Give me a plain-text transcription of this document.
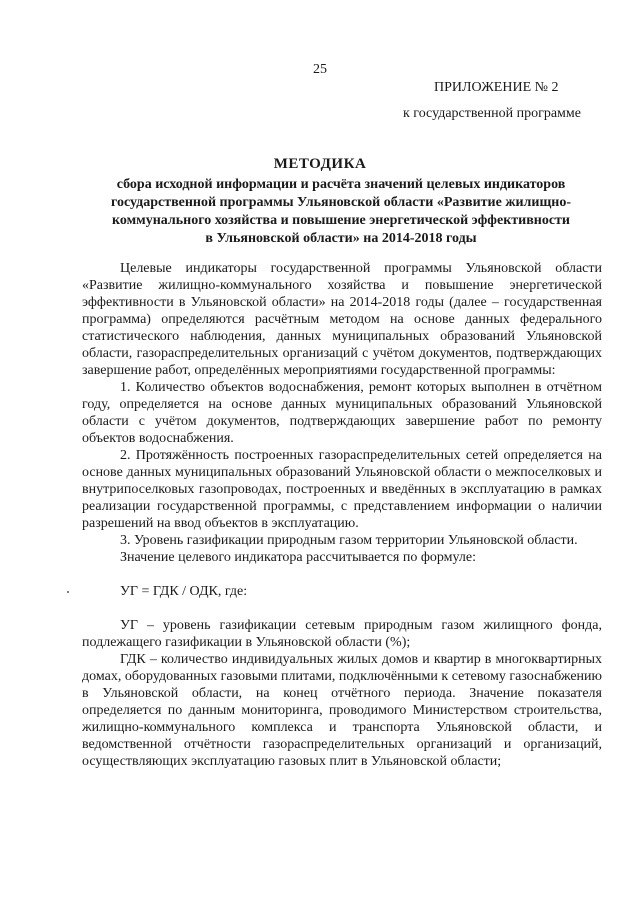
25
ПРИЛОЖЕНИЕ № 2
к государственной программе
МЕТОДИКА
сбора исходной информации и расчёта значений целевых индикаторов
государственной программы Ульяновской области «Развитие жилищно-
коммунального хозяйства и повышение энергетической эффективности
в Ульяновской области» на 2014-2018 годы

Целевые индикаторы государственной программы Ульяновской области «Развитие жилищно-коммунального хозяйства и повышение энергетической эффективности в Ульяновской области» на 2014-2018 годы (далее – государственная программа) определяются расчётным методом на основе данных федерального статистического наблюдения, данных муниципальных образований Ульяновской области, газораспределительных организаций с учётом документов, подтверждающих завершение работ, определённых мероприятиями государственной программы:

1. Количество объектов водоснабжения, ремонт которых выполнен в отчётном году, определяется на основе данных муниципальных образований Ульяновской области с учётом документов, подтверждающих завершение работ по ремонту объектов водоснабжения.

2. Протяжённость построенных газораспределительных сетей определяется на основе данных муниципальных образований Ульяновской области о межпоселковых и внутрипоселковых газопроводах, построенных и введённых в эксплуатацию в рамках реализации государственной программы, с представлением информации о наличии разрешений на ввод объектов в эксплуатацию.

3. Уровень газификации природным газом территории Ульяновской области.

Значение целевого индикатора рассчитывается по формуле:

УГ = ГДК / ОДК, где:

УГ – уровень газификации сетевым природным газом жилищного фонда, подлежащего газификации в Ульяновской области (%);

ГДК – количество индивидуальных жилых домов и квартир в многоквартирных домах, оборудованных газовыми плитами, подключёнными к сетевому газоснабжению в Ульяновской области, на конец отчётного периода. Значение показателя определяется по данным мониторинга, проводимого Министерством строительства, жилищно-коммунального комплекса и транспорта Ульяновской области, и ведомственной отчётности газораспределительных организаций и организаций, осуществляющих эксплуатацию газовых плит в Ульяновской области;
